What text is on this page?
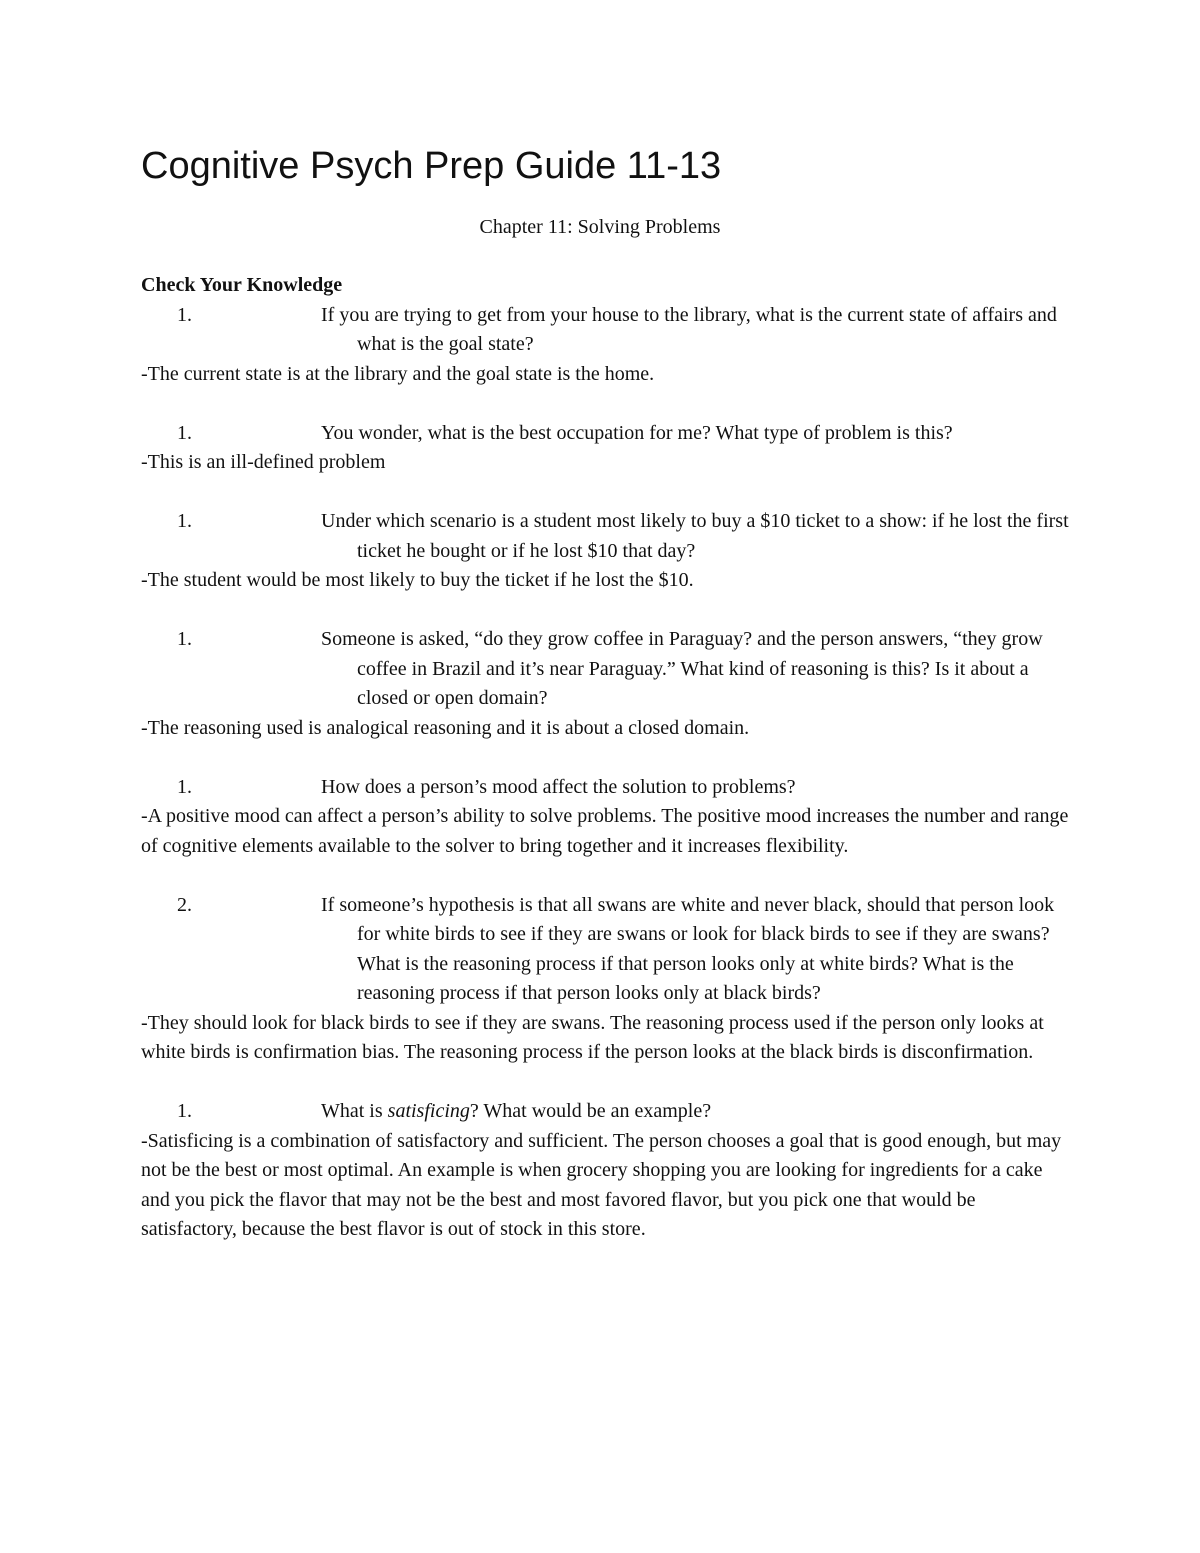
Cognitive Psych Prep Guide 11-13
Chapter 11: Solving Problems
Check Your Knowledge
1.	If you are trying to get from your house to the library, what is the current state of affairs and what is the goal state?
-The current state is at the library and the goal state is the home.
1.	You wonder, what is the best occupation for me? What type of problem is this?
-This is an ill-defined problem
1.	Under which scenario is a student most likely to buy a $10 ticket to a show: if he lost the first ticket he bought or if he lost $10 that day?
-The student would be most likely to buy the ticket if he lost the $10.
1.	Someone is asked, “do they grow coffee in Paraguay? and the person answers, “they grow coffee in Brazil and it’s near Paraguay.” What kind of reasoning is this? Is it about a closed or open domain?
-The reasoning used is analogical reasoning and it is about a closed domain.
1.	How does a person’s mood affect the solution to problems?
-A positive mood can affect a person’s ability to solve problems. The positive mood increases the number and range of cognitive elements available to the solver to bring together and it increases flexibility.
2.	If someone’s hypothesis is that all swans are white and never black, should that person look for white birds to see if they are swans or look for black birds to see if they are swans? What is the reasoning process if that person looks only at white birds? What is the reasoning process if that person looks only at black birds?
-They should look for black birds to see if they are swans. The reasoning process used if the person only looks at white birds is confirmation bias. The reasoning process if the person looks at the black birds is disconfirmation.
1.	What is satisficing? What would be an example?
-Satisficing is a combination of satisfactory and sufficient. The person chooses a goal that is good enough, but may not be the best or most optimal. An example is when grocery shopping you are looking for ingredients for a cake and you pick the flavor that may not be the best and most favored flavor, but you pick one that would be satisfactory, because the best flavor is out of stock in this store.
